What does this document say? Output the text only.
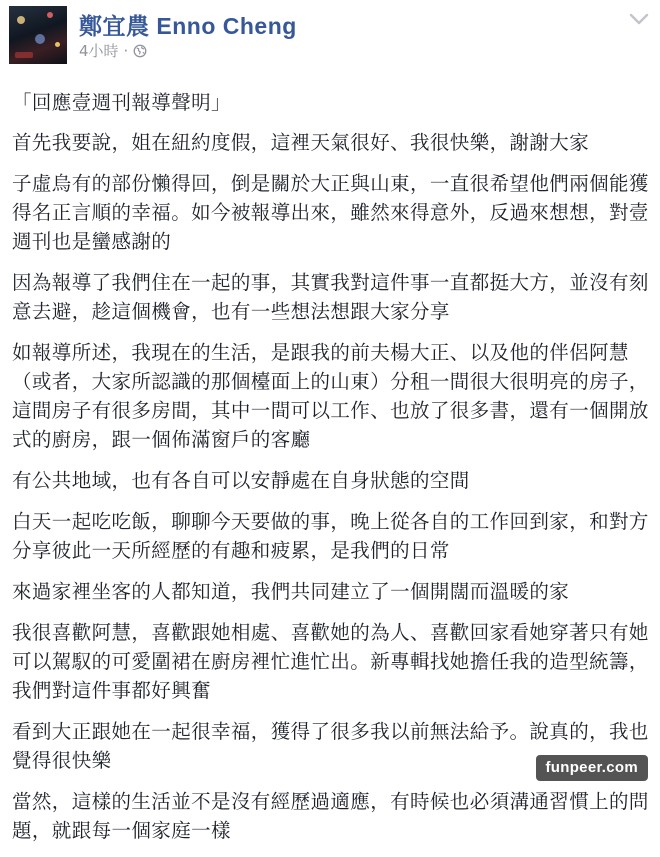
鄭宜農 Enno Cheng
4小時 ·

「回應壹週刊報導聲明」

首先我要說，姐在紐約度假，這裡天氣很好、我很快樂，謝謝大家

子虛烏有的部份懶得回，倒是關於大正與山東，一直很希望他們兩個能獲得名正言順的幸福。如今被報導出來，雖然來得意外，反過來想想，對壹週刊也是蠻感謝的

因為報導了我們住在一起的事，其實我對這件事一直都挺大方，並沒有刻意去避，趁這個機會，也有一些想法想跟大家分享

如報導所述，我現在的生活，是跟我的前夫楊大正、以及他的伴侶阿慧（或者，大家所認識的那個檯面上的山東）分租一間很大很明亮的房子，這間房子有很多房間，其中一間可以工作、也放了很多書，還有一個開放式的廚房，跟一個佈滿窗戶的客廳

有公共地域，也有各自可以安靜處在自身狀態的空間

白天一起吃吃飯，聊聊今天要做的事，晚上從各自的工作回到家，和對方分享彼此一天所經歷的有趣和疲累，是我們的日常

來過家裡坐客的人都知道，我們共同建立了一個開闊而溫暖的家

我很喜歡阿慧，喜歡跟她相處、喜歡她的為人、喜歡回家看她穿著只有她可以駕馭的可愛圍裙在廚房裡忙進忙出。新專輯找她擔任我的造型統籌，我們對這件事都好興奮

看到大正跟她在一起很幸福，獲得了很多我以前無法給予。說真的，我也覺得很快樂

當然，這樣的生活並不是沒有經歷過適應，有時候也必須溝通習慣上的問題，就跟每一個家庭一樣

funpeer.com
